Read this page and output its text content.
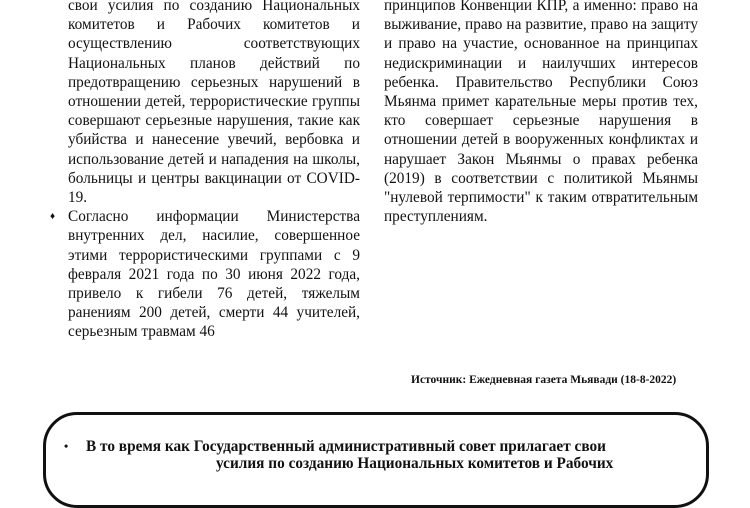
свои усилия по созданию Национальных комитетов и Рабочих комитетов и осуществлению соответствующих Национальных планов действий по предотвращению серьезных нарушений в отношении детей, террористические группы совершают серьезные нарушения, такие как убийства и нанесение увечий, вербовка и использование детей и нападения на школы, больницы и центры вакцинации от COVID-19.

♦ Согласно информации Министерства внутренних дел, насилие, совершенное этими террористическими группами с 9 февраля 2021 года по 30 июня 2022 года, привело к гибели 76 детей, тяжелым ранениям 200 детей, смерти 44 учителей, серьезным травмам 46

принципов Конвенции КПР, а именно: право на выживание, право на развитие, право на защиту и право на участие, основанное на принципах недискриминации и наилучших интересов ребенка. Правительство Республики Союз Мьянма примет карательные меры против тех, кто совершает серьезные нарушения в отношении детей в вооруженных конфликтах и нарушает Закон Мьянмы о правах ребенка (2019) в соответствии с политикой Мьянмы "нулевой терпимости" к таким отвратительным преступлениям.

Источник: Ежедневная газета Мьявади (18-8-2022)
• В то время как Государственный административный совет прилагает свои
усилия по созданию Национальных комитетов и Рабочих
